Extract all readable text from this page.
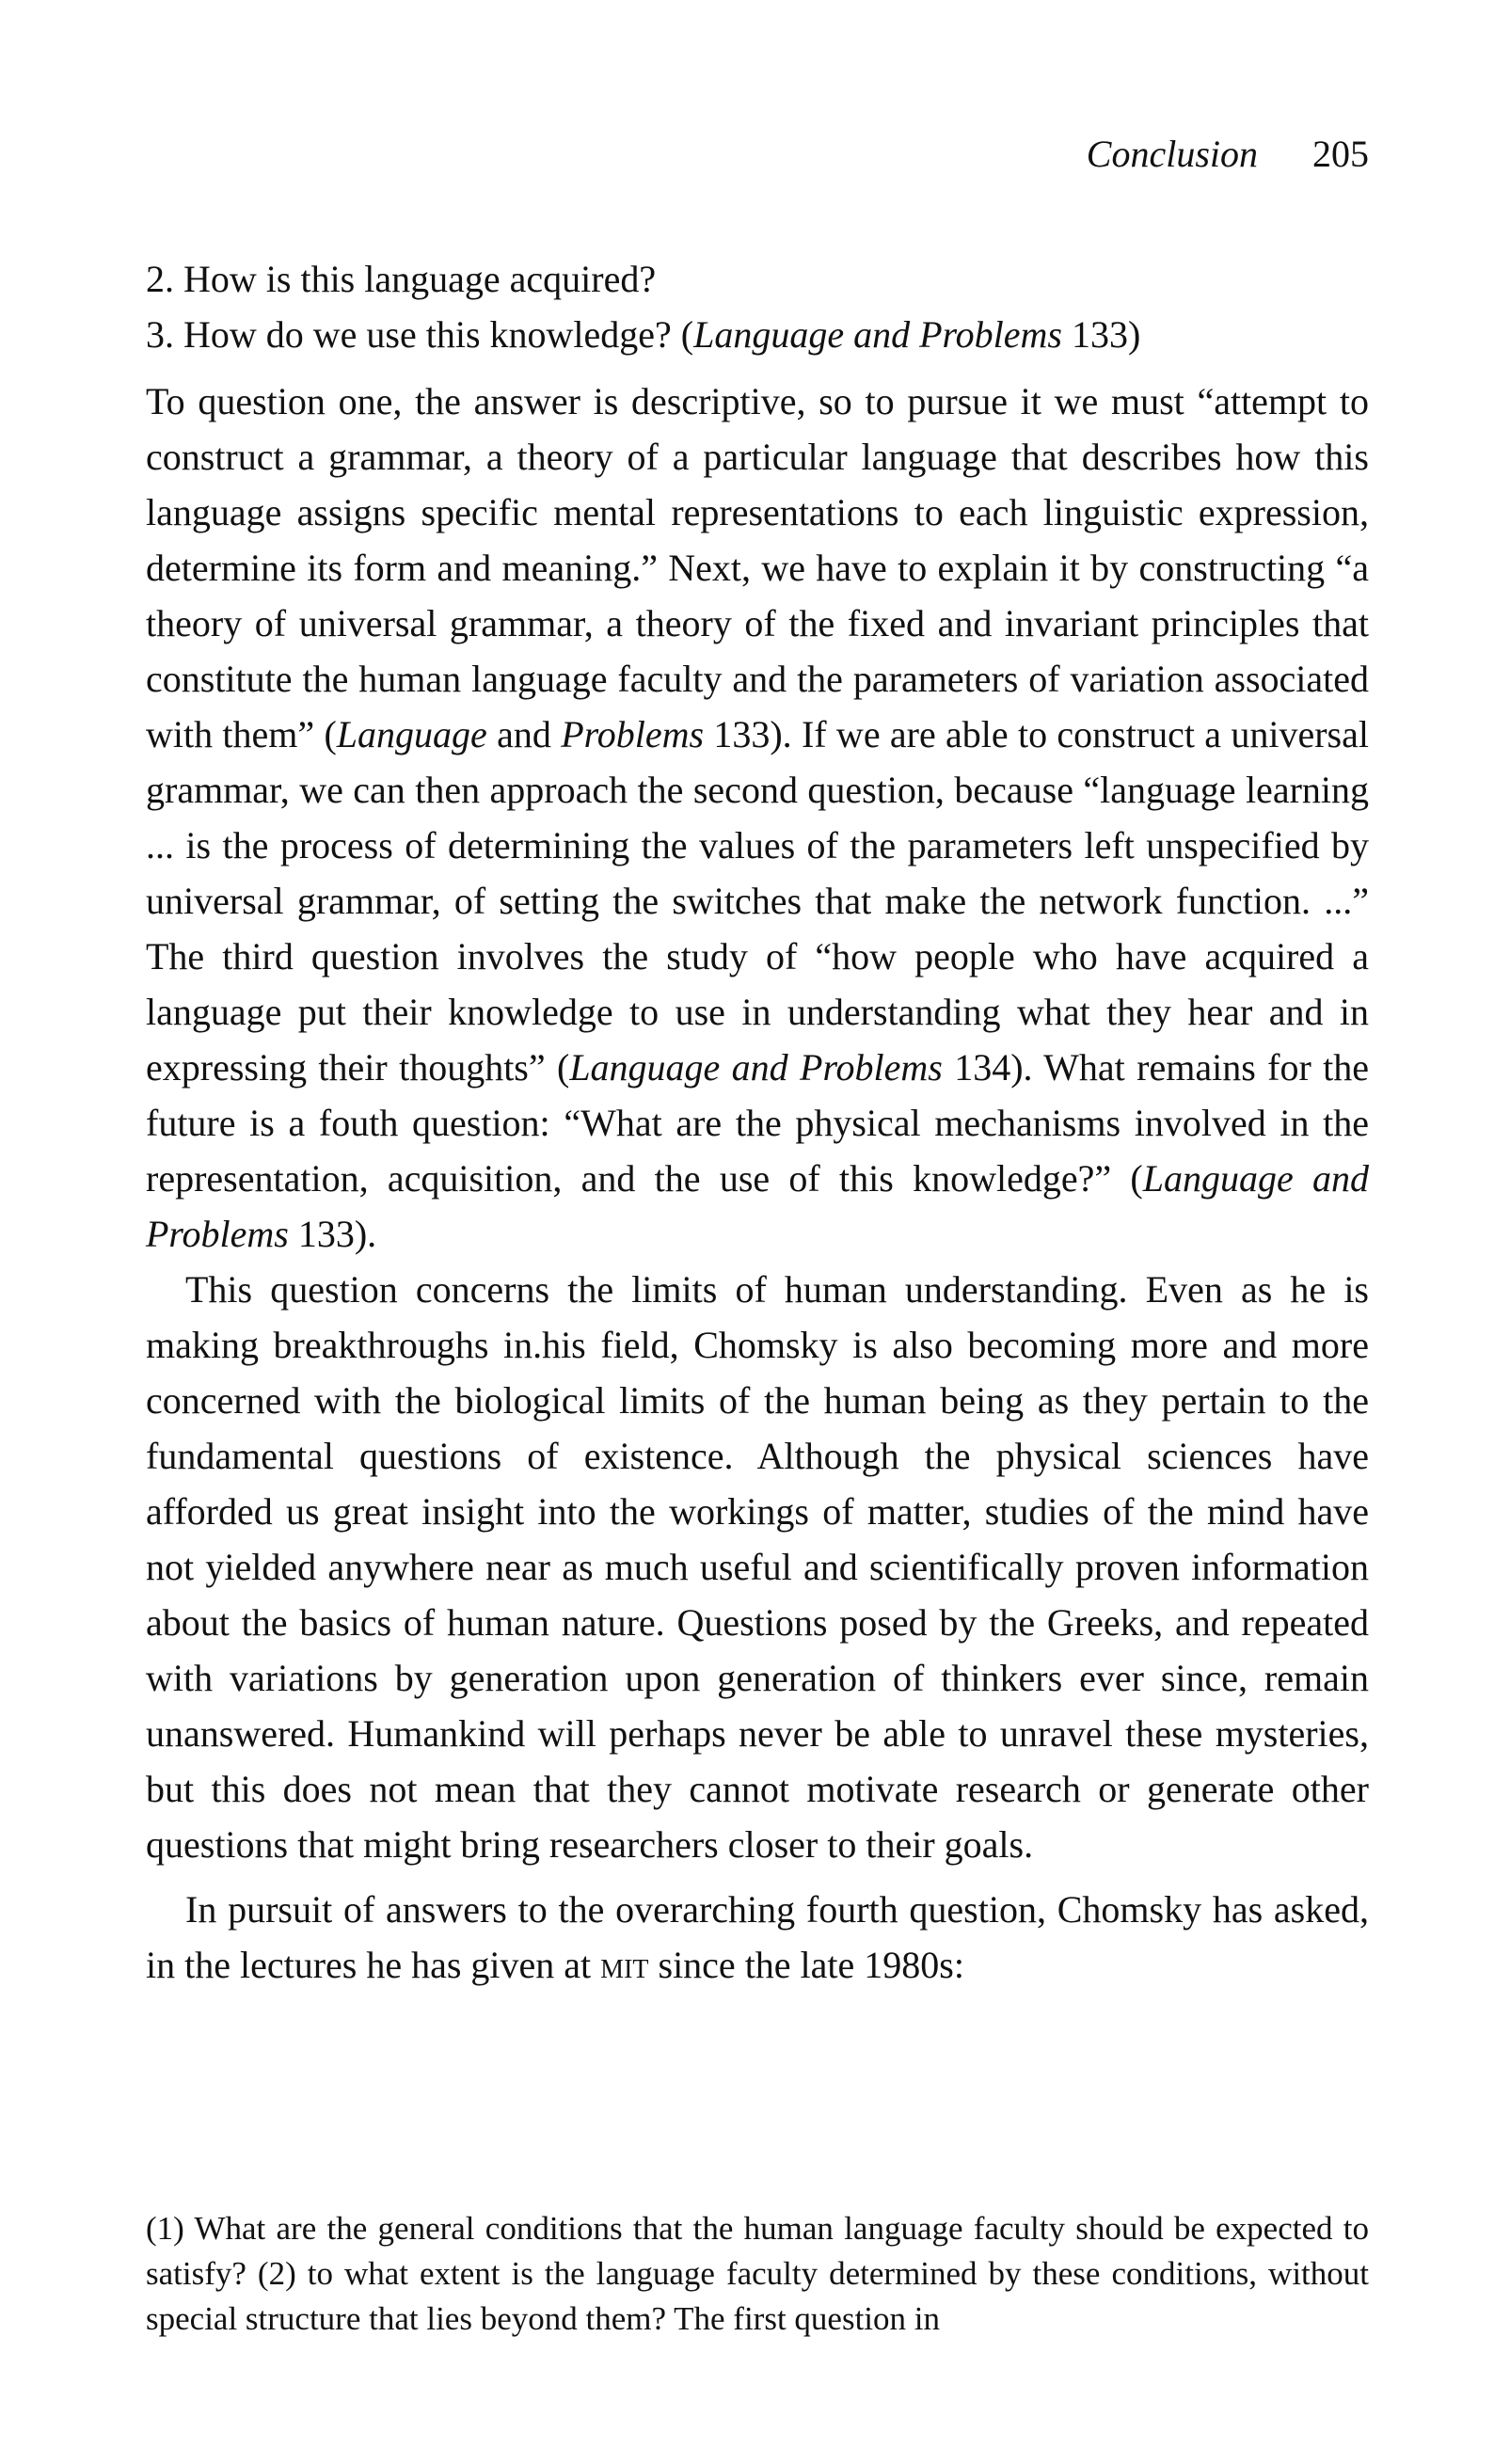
Conclusion 205

2. How is this language acquired?

3. How do we use this knowledge? (Language and Problems 133)

To question one, the answer is descriptive, so to pursue it we must “attempt to construct a grammar, a theory of a particular language that describes how this language assigns specific mental representations to each linguistic expression, determine its form and meaning.” Next, we have to explain it by constructing “a theory of universal grammar, a theory of the fixed and invariant principles that constitute the human language faculty and the parameters of variation associated with them” (Language and Problems 133). If we are able to construct a universal grammar, we can then approach the second question, because “language learning ... is the process of determining the values of the parameters left unspecified by universal grammar, of setting the switches that make the network function. ...” The third question involves the study of “how people who have acquired a language put their knowledge to use in understanding what they hear and in expressing their thoughts” (Language and Problems 134). What remains for the future is a fouth question: “What are the physical mechanisms involved in the representation, acquisition, and the use of this knowledge?” (Language and Problems 133).

This question concerns the limits of human understanding. Even as he is making breakthroughs in.his field, Chomsky is also becoming more and more concerned with the biological limits of the human being as they pertain to the fundamental questions of existence. Although the physical sciences have afforded us great insight into the workings of matter, studies of the mind have not yielded anywhere near as much useful and scientifically proven information about the basics of human nature. Questions posed by the Greeks, and repeated with variations by generation upon generation of thinkers ever since, remain unanswered. Humankind will perhaps never be able to unravel these mysteries, but this does not mean that they cannot motivate research or generate other questions that might bring researchers closer to their goals.

In pursuit of answers to the overarching fourth question, Chomsky has asked, in the lectures he has given at mit since the late 1980s:

(1) What are the general conditions that the human language faculty should be expected to satisfy? (2) to what extent is the language faculty determined by these conditions, without special structure that lies beyond them? The first question in
